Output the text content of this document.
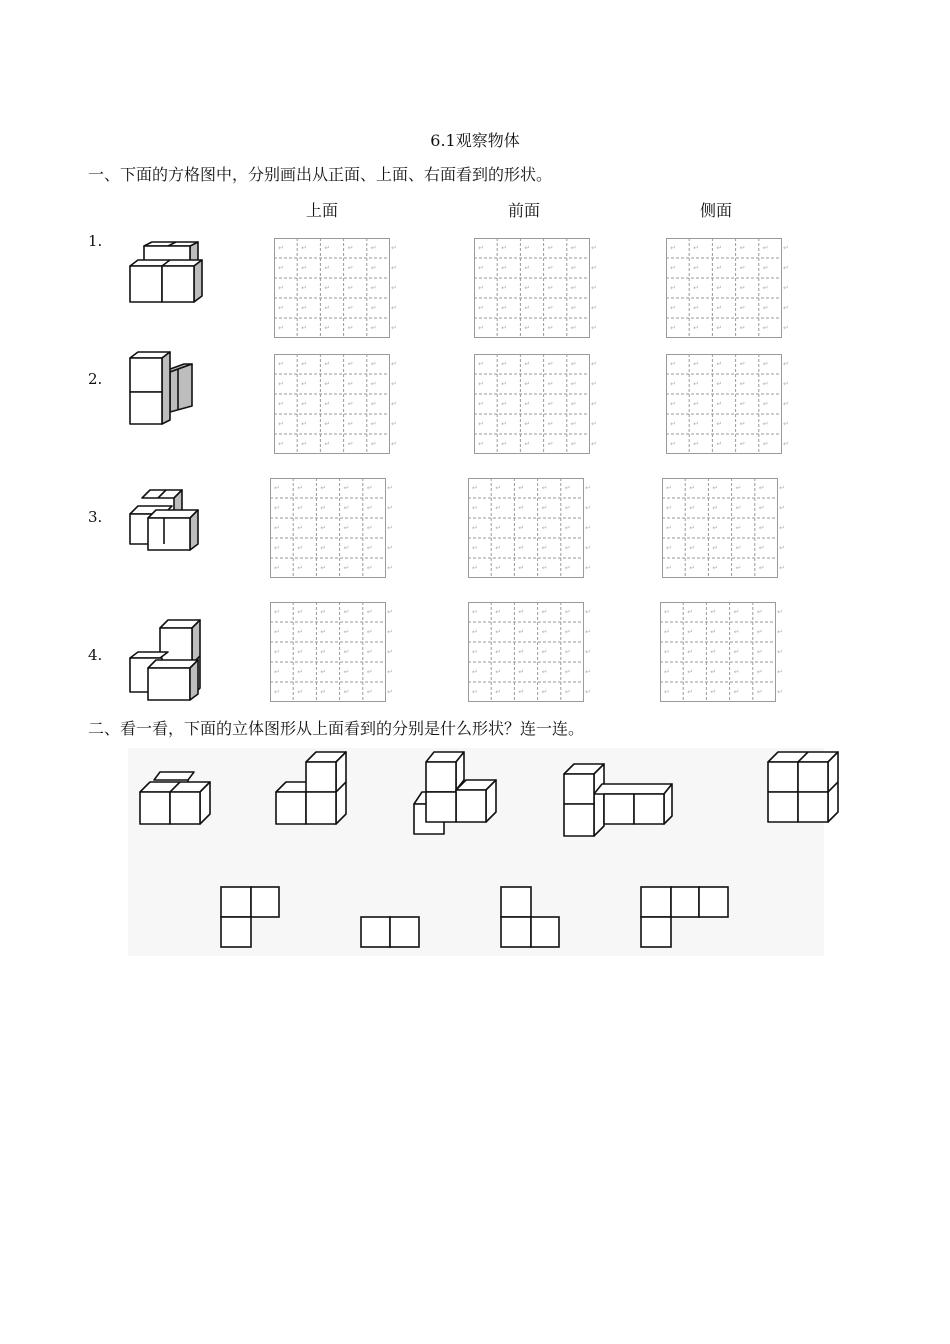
6.1观察物体
一、下面的方格图中，分别画出从正面、上面、右面看到的形状。
上面	前面	侧面
1.
2.
3.
4.
↵ ↵ ↵ ↵ ↵ ↵
↵ ↵ ↵ ↵ ↵ ↵
↵ ↵ ↵ ↵ ↵ ↵
↵ ↵ ↵ ↵ ↵ ↵
↵ ↵ ↵ ↵ ↵ ↵
↵ ↵ ↵ ↵ ↵ ↵
↵ ↵ ↵ ↵ ↵ ↵
↵ ↵ ↵ ↵ ↵ ↵
↵ ↵ ↵ ↵ ↵ ↵
↵ ↵ ↵ ↵ ↵ ↵
↵ ↵ ↵ ↵ ↵ ↵
↵ ↵ ↵ ↵ ↵ ↵
↵ ↵ ↵ ↵ ↵ ↵
↵ ↵ ↵ ↵ ↵ ↵
↵ ↵ ↵ ↵ ↵ ↵
↵ ↵ ↵ ↵ ↵ ↵
↵ ↵ ↵ ↵ ↵ ↵
↵ ↵ ↵ ↵ ↵ ↵
↵ ↵ ↵ ↵ ↵ ↵
↵ ↵ ↵ ↵ ↵ ↵
↵ ↵ ↵ ↵ ↵ ↵
↵ ↵ ↵ ↵ ↵ ↵
↵ ↵ ↵ ↵ ↵ ↵
↵ ↵ ↵ ↵ ↵ ↵
↵ ↵ ↵ ↵ ↵ ↵
↵ ↵ ↵ ↵ ↵ ↵
↵ ↵ ↵ ↵ ↵ ↵
↵ ↵ ↵ ↵ ↵ ↵
↵ ↵ ↵ ↵ ↵ ↵
↵ ↵ ↵ ↵ ↵ ↵
↵ ↵ ↵ ↵ ↵ ↵
↵ ↵ ↵ ↵ ↵ ↵
↵ ↵ ↵ ↵ ↵ ↵
↵ ↵ ↵ ↵ ↵ ↵
↵ ↵ ↵ ↵ ↵ ↵
↵ ↵ ↵ ↵ ↵ ↵
↵ ↵ ↵ ↵ ↵ ↵
↵ ↵ ↵ ↵ ↵ ↵
↵ ↵ ↵ ↵ ↵ ↵
↵ ↵ ↵ ↵ ↵ ↵
↵ ↵ ↵ ↵ ↵ ↵
↵ ↵ ↵ ↵ ↵ ↵
↵ ↵ ↵ ↵ ↵ ↵
↵ ↵ ↵ ↵ ↵ ↵
↵ ↵ ↵ ↵ ↵ ↵
↵ ↵ ↵ ↵ ↵ ↵
↵ ↵ ↵ ↵ ↵ ↵
↵ ↵ ↵ ↵ ↵ ↵
↵ ↵ ↵ ↵ ↵ ↵
↵ ↵ ↵ ↵ ↵ ↵
↵ ↵ ↵ ↵ ↵ ↵
↵ ↵ ↵ ↵ ↵ ↵
↵ ↵ ↵ ↵ ↵ ↵
↵ ↵ ↵ ↵ ↵ ↵
↵ ↵ ↵ ↵ ↵ ↵
↵ ↵ ↵ ↵ ↵ ↵
↵ ↵ ↵ ↵ ↵ ↵
↵ ↵ ↵ ↵ ↵ ↵
↵ ↵ ↵ ↵ ↵ ↵
↵ ↵ ↵ ↵ ↵ ↵
二、看一看，下面的立体图形从上面看到的分别是什么形状？连一连。
